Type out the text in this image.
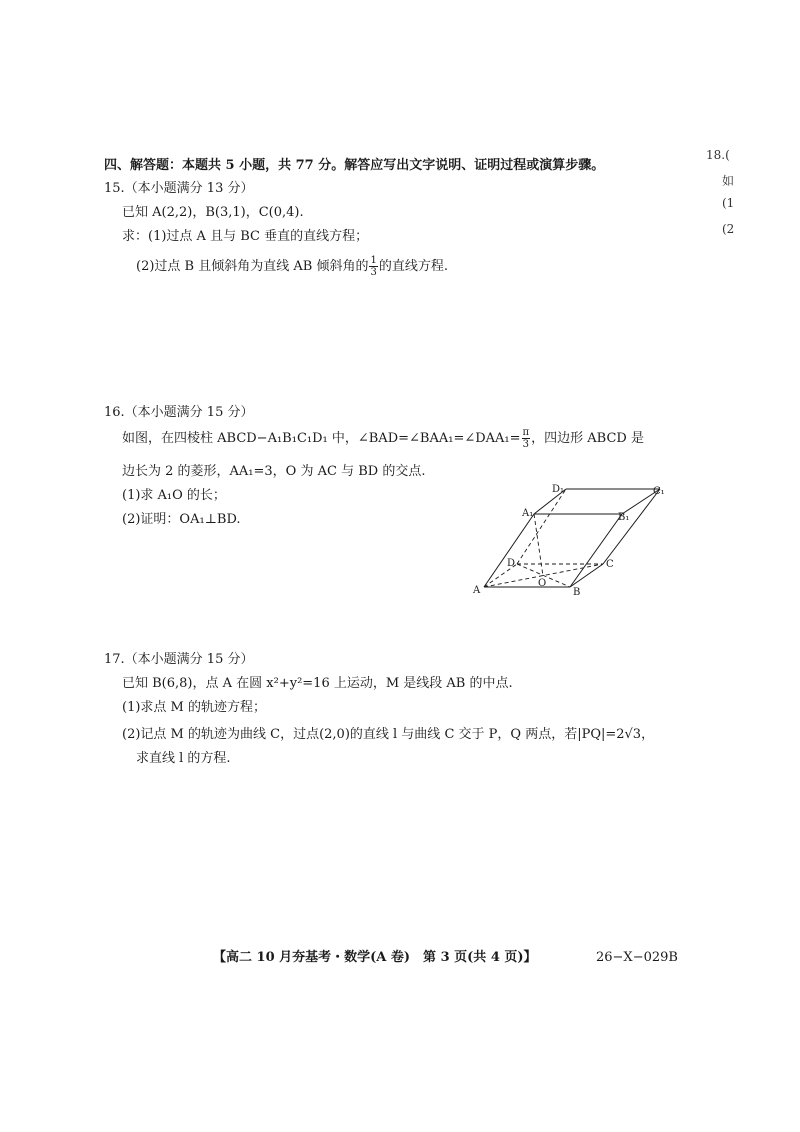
四、解答题：本题共 5 小题，共 77 分。解答应写出文字说明、证明过程或演算步骤。
18.(
如
(1
(2
15.（本小题满分 13 分）
已知 A(2,2)，B(3,1)，C(0,4).
求：(1)过点 A 且与 BC 垂直的直线方程；
(2)过点 B 且倾斜角为直线 AB 倾斜角的 $\frac{1}{3}$ 的直线方程.
16.（本小题满分 15 分）
如图，在四棱柱 ABCD−A₁B₁C₁D₁ 中，∠BAD=∠BAA₁=∠DAA₁= $\frac{\pi}{3}$ ，四边形 ABCD 是
边长为 2 的菱形，AA₁=3，O 为 AC 与 BD 的交点.
(1)求 A₁O 的长；
(2)证明：OA₁⊥BD.
A	B
C
D
O
A₁	B₁
C₁
D₁
17.（本小题满分 15 分）
已知 B(6,8)，点 A 在圆 x²+y²=16 上运动，M 是线段 AB 的中点.
(1)求点 M 的轨迹方程；
(2)记点 M 的轨迹为曲线 C，过点(2,0)的直线 l 与曲线 C 交于 P，Q 两点，若|PQ|=2√3，
求直线 l 的方程.
【高二 10 月夯基考・数学(A 卷)　第 3 页(共 4 页)】	26−X−029B
